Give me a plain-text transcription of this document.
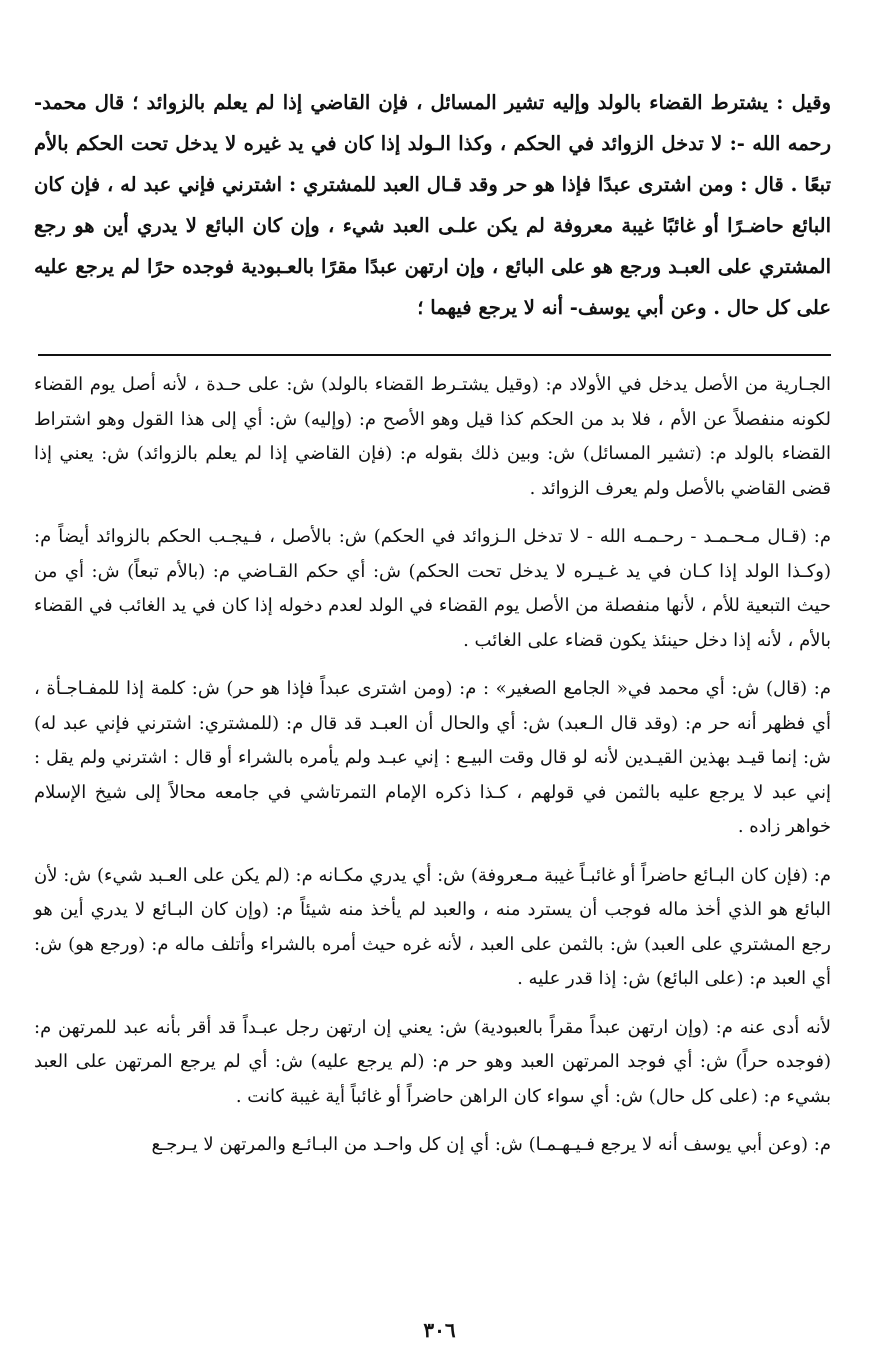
وقيل : يشترط القضاء بالولد وإليه تشير المسائل ، فإن القاضي إذا لم يعلم بالزوائد ؛ قال محمد- رحمه الله -: لا تدخل الزوائد في الحكم ، وكذا الـولد إذا كان في يد غيره لا يدخل تحت الحكم بالأم تبعًا . قال : ومن اشترى عبدًا فإذا هو حر وقد قـال العبد للمشتري : اشترني فإني عبد له ، فإن كان البائع حاضـرًا أو غائبًا غيبة معروفة لم يكن علـى العبد شيء ، وإن كان البائع لا يدري أين هو رجع المشتري على العبـد ورجع هو على البائع ، وإن ارتهن عبدًا مقرًا بالعـبودية فوجده حرًا لم يرجع عليه على كل حال . وعن أبي يوسف- أنه لا يرجع فيهما ؛

الجـارية من الأصل يدخل في الأولاد م: (وقيل يشتـرط القضاء بالولد) ش: على حـدة ، لأنه أصل يوم القضاء لكونه منفصلاً عن الأم ، فلا بد من الحكم كذا قيل وهو الأصح م: (وإليه) ش: أي إلى هذا القول وهو اشتراط القضاء بالولد م: (تشير المسائل) ش: وبين ذلك بقوله م: (فإن القاضي إذا لم يعلم بالزوائد) ش: يعني إذا قضى القاضي بالأصل ولم يعرف الزوائد .

م: (قـال مـحـمـد - رحـمـه الله - لا تدخل الـزوائد في الحكم) ش: بالأصل ، فـيجـب الحكم بالزوائد أيضاً م: (وكـذا الولد إذا كـان في يد غـيـره لا يدخل تحت الحكم) ش: أي حكم القـاضي م: (بالأم تبعاً) ش: أي من حيث التبعية للأم ، لأنها منفصلة من الأصل يوم القضاء في الولد لعدم دخوله إذا كان في يد الغائب في القضاء بالأم ، لأنه إذا دخل حينئذ يكون قضاء على الغائب .

م: (قال) ش: أي محمد في« الجامع الصغير» : م: (ومن اشترى عبداً فإذا هو حر) ش: كلمة إذا للمفـاجـأة ، أي فظهر أنه حر م: (وقد قال الـعبد) ش: أي والحال أن العبـد قد قال م: (للمشتري: اشترني فإني عبد له) ش: إنما قيـد بهذين القيـدين لأنه لو قال وقت البيـع : إني عبـد ولم يأمره بالشراء أو قال : اشترني ولم يقل : إني عبد لا يرجع عليه بالثمن في قولهم ، كـذا ذكره الإمام التمرتاشي في جامعه محالاً إلى شيخ الإسلام خواهر زاده .

م: (فإن كان البـائع حاضراً أو غائبـاً غيبة مـعروفة) ش: أي يدري مكـانه م: (لم يكن على العـبد شيء) ش: لأن البائع هو الذي أخذ ماله فوجب أن يسترد منه ، والعبد لم يأخذ منه شيئاً م: (وإن كان البـائع لا يدري أين هو رجع المشتري على العبد) ش: بالثمن على العبد ، لأنه غره حيث أمره بالشراء وأتلف ماله م: (ورجع هو) ش: أي العبد م: (على البائع) ش: إذا قدر عليه .

لأنه أدى عنه م: (وإن ارتهن عبداً مقراً بالعبودية) ش: يعني إن ارتهن رجل عبـداً قد أقر بأنه عبد للمرتهن م: (فوجده حراً) ش: أي فوجد المرتهن العبد وهو حر م: (لم يرجع عليه) ش: أي لم يرجع المرتهن على العبد بشيء م: (على كل حال) ش: أي سواء كان الراهن حاضراً أو غائباً أية غيبة كانت .

م: (وعن أبي يوسف أنه لا يرجع فـيـهـمـا) ش: أي إن كل واحـد من البـائـع والمرتهن لا يـرجـع

٣٠٦
